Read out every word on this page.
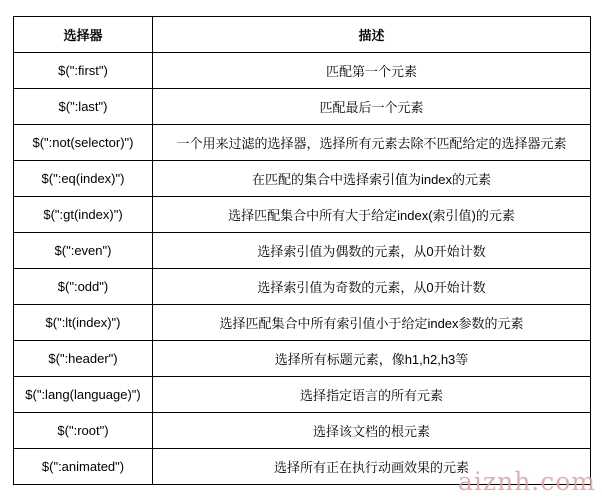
选择器	描述
$(":first")	匹配第一个元素
$(":last")	匹配最后一个元素
$(":not(selector)")	一个用来过滤的选择器，选择所有元素去除不匹配给定的选择器元素
$(":eq(index)")	在匹配的集合中选择索引值为index的元素
$(":gt(index)")	选择匹配集合中所有大于给定index(索引值)的元素
$(":even")	选择索引值为偶数的元素，从0开始计数
$(":odd")	选择索引值为奇数的元素，从0开始计数
$(":lt(index)")	选择匹配集合中所有索引值小于给定index参数的元素
$(":header")	选择所有标题元素，像h1,h2,h3等
$(":lang(language)")	选择指定语言的所有元素
$(":root")	选择该文档的根元素
$(":animated")	选择所有正在执行动画效果的元素
aiznh.com
